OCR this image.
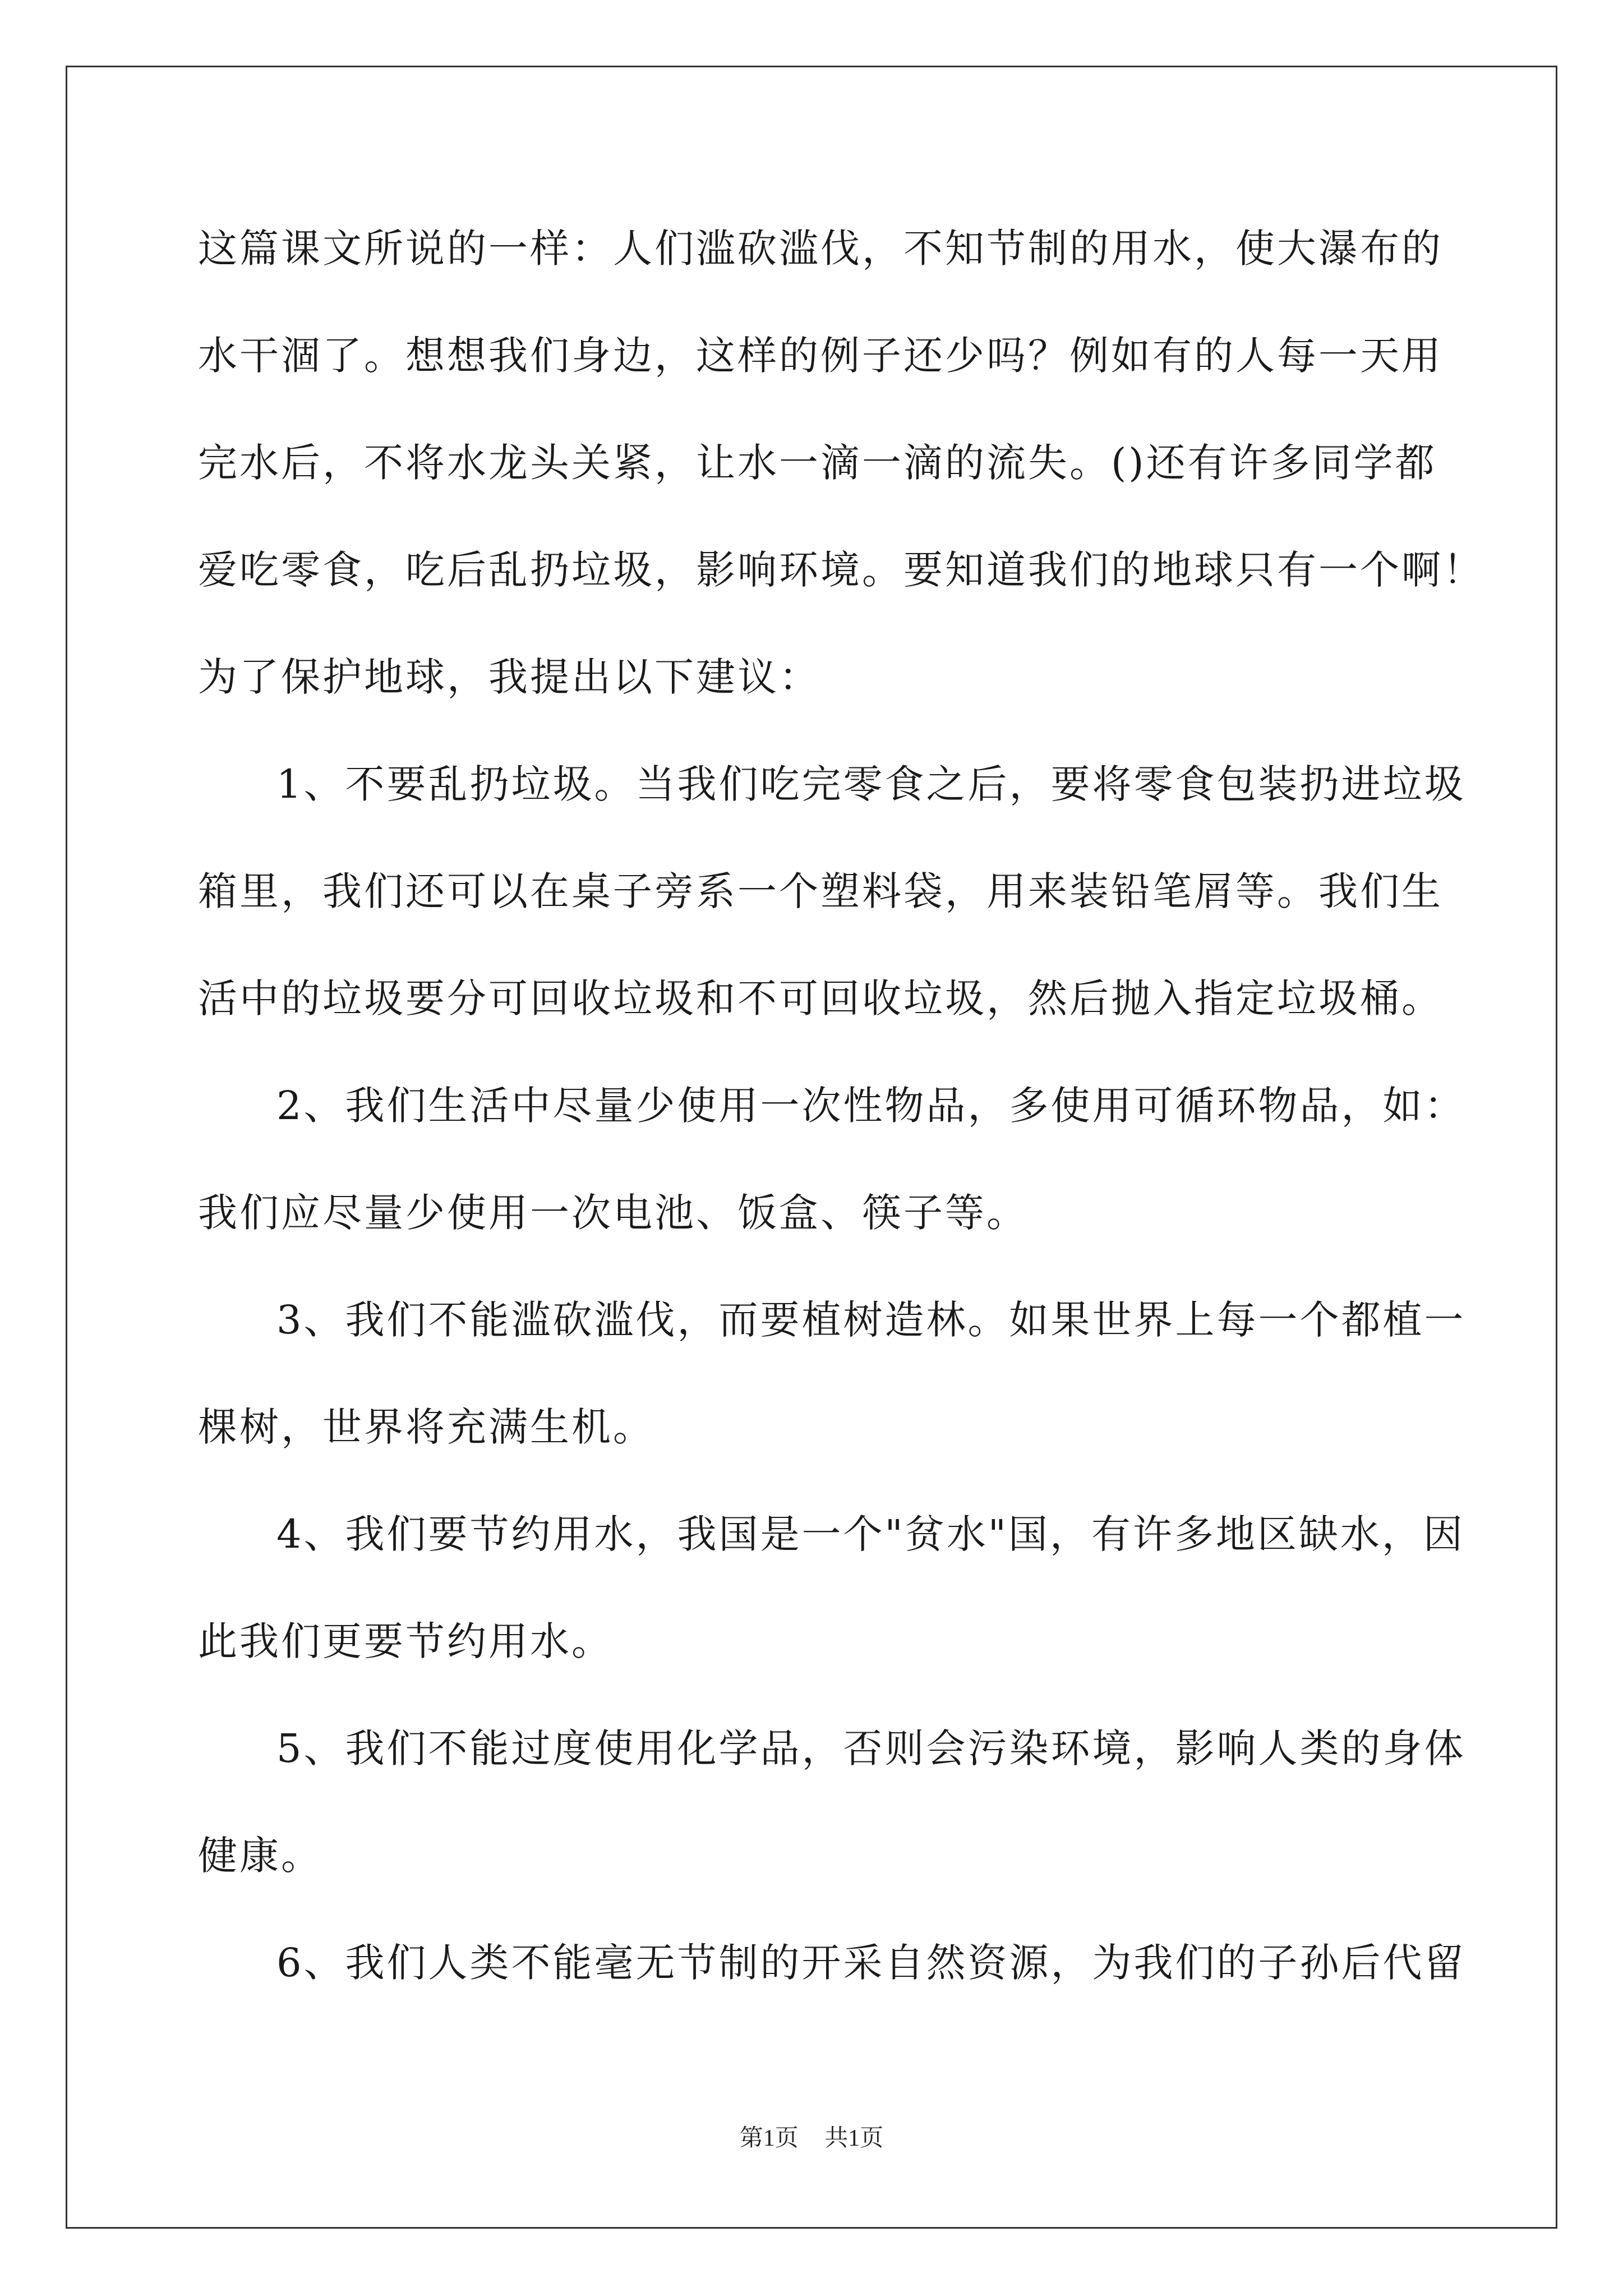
这篇课文所说的一样：人们滥砍滥伐，不知节制的用水，使大瀑布的
水干涸了。想想我们身边，这样的例子还少吗？例如有的人每一天用
完水后，不将水龙头关紧，让水一滴一滴的流失。()还有许多同学都
爱吃零食，吃后乱扔垃圾，影响环境。要知道我们的地球只有一个啊！
为了保护地球，我提出以下建议：
1、不要乱扔垃圾。当我们吃完零食之后，要将零食包装扔进垃圾
箱里，我们还可以在桌子旁系一个塑料袋，用来装铅笔屑等。我们生
活中的垃圾要分可回收垃圾和不可回收垃圾，然后抛入指定垃圾桶。
2、我们生活中尽量少使用一次性物品，多使用可循环物品，如：
我们应尽量少使用一次电池、饭盒、筷子等。
3、我们不能滥砍滥伐，而要植树造林。如果世界上每一个都植一
棵树，世界将充满生机。
4、我们要节约用水，我国是一个"贫水"国，有许多地区缺水，因
此我们更要节约用水。
5、我们不能过度使用化学品，否则会污染环境，影响人类的身体
健康。
6、我们人类不能毫无节制的开采自然资源，为我们的子孙后代留
第1页 共1页
